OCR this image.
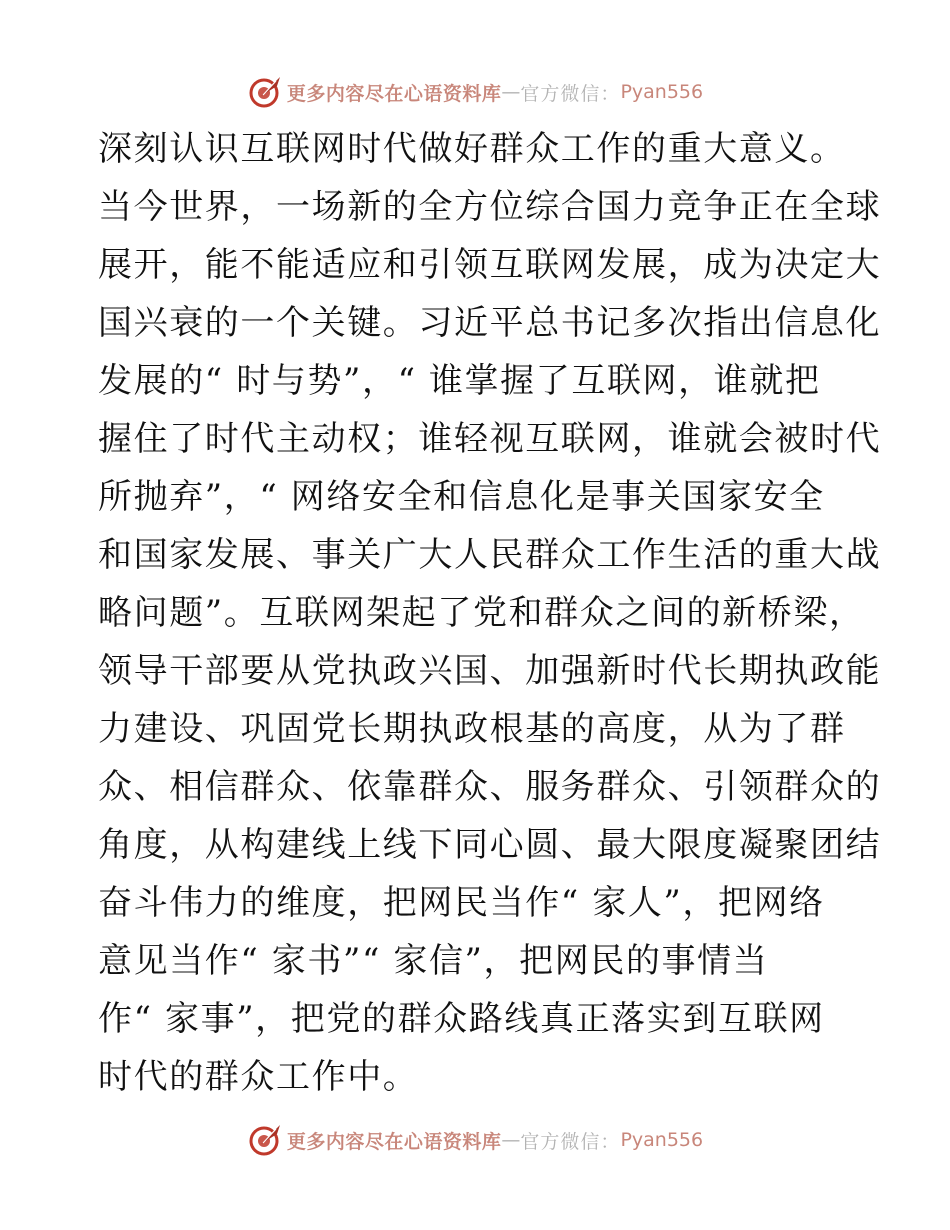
更多内容尽在心语资料库 — 官方微信： Pyan556
深刻认识互联网时代做好群众工作的重大意义。
当今世界，一场新的全方位综合国力竞争正在全球
展开，能不能适应和引领互联网发展，成为决定大
国兴衰的一个关键。习近平总书记多次指出信息化
发展的“ 时与势”，“ 谁掌握了互联网，谁就把
握住了时代主动权；谁轻视互联网，谁就会被时代
所抛弃”，“ 网络安全和信息化是事关国家安全
和国家发展、事关广大人民群众工作生活的重大战
略问题”。互联网架起了党和群众之间的新桥梁，
领导干部要从党执政兴国、加强新时代长期执政能
力建设、巩固党长期执政根基的高度，从为了群
众、相信群众、依靠群众、服务群众、引领群众的
角度，从构建线上线下同心圆、最大限度凝聚团结
奋斗伟力的维度，把网民当作“ 家人”，把网络
意见当作“ 家书”“ 家信”，把网民的事情当
作“ 家事”，把党的群众路线真正落实到互联网
时代的群众工作中。
更多内容尽在心语资料库 — 官方微信： Pyan556
